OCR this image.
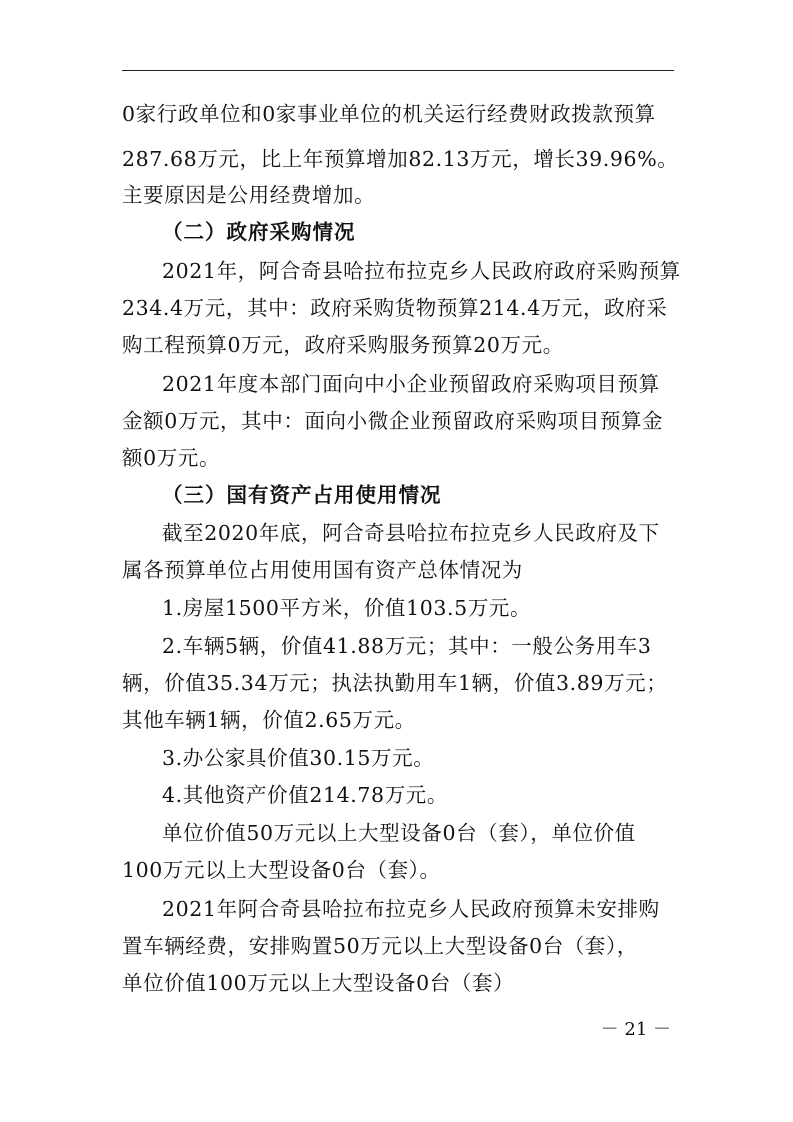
0家行政单位和0家事业单位的机关运行经费财政拨款预算
287.68万元，比上年预算增加82.13万元，增长39.96%。
主要原因是公用经费增加。
（二）政府采购情况
2021年，阿合奇县哈拉布拉克乡人民政府政府采购预算
234.4万元，其中：政府采购货物预算214.4万元，政府采
购工程预算0万元，政府采购服务预算20万元。
2021年度本部门面向中小企业预留政府采购项目预算
金额0万元，其中：面向小微企业预留政府采购项目预算金
额0万元。
（三）国有资产占用使用情况
截至2020年底，阿合奇县哈拉布拉克乡人民政府及下
属各预算单位占用使用国有资产总体情况为
1.房屋1500平方米，价值103.5万元。
2.车辆5辆，价值41.88万元；其中：一般公务用车3
辆，价值35.34万元；执法执勤用车1辆，价值3.89万元；
其他车辆1辆，价值2.65万元。
3.办公家具价值30.15万元。
4.其他资产价值214.78万元。
单位价值50万元以上大型设备0台（套），单位价值
100万元以上大型设备0台（套）。
2021年阿合奇县哈拉布拉克乡人民政府预算未安排购
置车辆经费，安排购置50万元以上大型设备0台（套），
单位价值100万元以上大型设备0台（套）
－ 21 －
